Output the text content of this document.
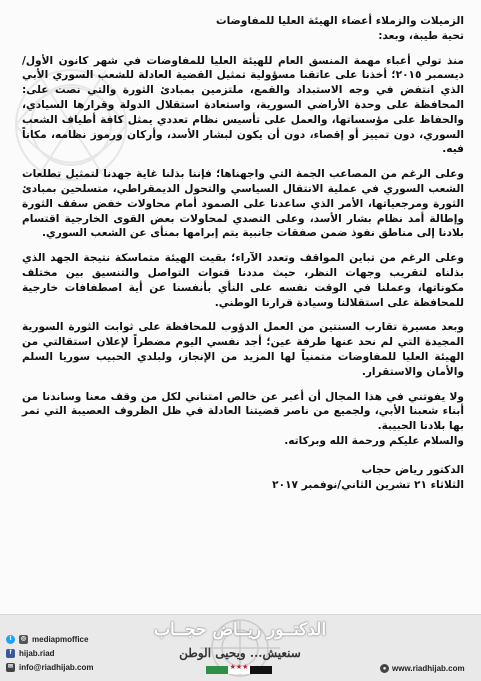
الزميلات والزملاء أعضاء الهيئة العليا للمفاوضات

تحية طيبة، وبعد:

منذ تولي أعباء مهمة المنسق العام للهيئة العليا للمفاوضات في شهر كانون الأول/ديسمبر ٢٠١٥؛ أخذنا على عاتقنا مسؤولية تمثيل القضية العادلة للشعب السوري الأبي الذي انتفض في وجه الاستبداد والقمع، ملتزمين بمبادئ الثورة والتي نصت على: المحافظة على وحدة الأراضي السورية، واستعادة استقلال الدولة وقرارها السيادي، والحفاظ على مؤسساتها، والعمل على تأسيس نظام تعددي يمثل كافة أطياف الشعب السوري، دون تمييز أو إقصاء، دون أن يكون لبشار الأسد، وأركان ورموز نظامه، مكاناً فيه.

وعلى الرغم من المصاعب الجمة التي واجهناها؛ فإننا بذلنا غاية جهدنا لتمثيل تطلعات الشعب السوري في عملية الانتقال السياسي والتحول الديمقراطي، متسلحين بمبادئ الثورة ومرجعياتها، الأمر الذي ساعدنا على الصمود أمام محاولات خفض سقف الثورة وإطالة أمد نظام بشار الأسد، وعلى التصدي لمحاولات بعض القوى الخارجية اقتسام بلادنا إلى مناطق نفوذ ضمن صفقات جانبية يتم إبرامها بمنأى عن الشعب السوري.

وعلى الرغم من تباين المواقف وتعدد الآراء؛ بقيت الهيئة متماسكة نتيجة الجهد الذي بذلناه لتقريب وجهات النظر، حيث مددنا قنوات التواصل والتنسيق بين مختلف مكوناتها، وعملنا في الوقت نفسه على النأي بأنفسنا عن أية اصطفافات خارجية للمحافظة على استقلالنا وسيادة قرارنا الوطني.

وبعد مسيرة تقارب السنتين من العمل الدؤوب للمحافظة على ثوابت الثورة السورية المجيدة التي لم نحد عنها طرفة عين؛ أجد نفسي اليوم مضطراً لإعلان استقالتي من الهيئة العليا للمفاوضات متمنياً لها المزيد من الإنجاز، ولبلدي الحبيب سوريا السلم والأمان والاستقرار.

ولا يفوتني في هذا المجال أن أعبر عن خالص امتناني لكل من وقف معنا وساندنا من أبناء شعبنا الأبي، ولجميع من ناصر قضيتنا العادلة في ظل الظروف العصيبة التي تمر بها بلادنا الحبيبة.

والسلام عليكم ورحمة الله وبركاته.

الدكتور رياض حجاب
الثلاثاء ٢١ تشرين الثاني/نوفمبر ٢٠١٧
الدكتــور ريــاض حجــاب
سنعيش... ويحيى الوطن
★★★
t	◎ mediapmoffice
f hijab.riad
✉ info@riadhijab.com	● www.riadhijab.com
